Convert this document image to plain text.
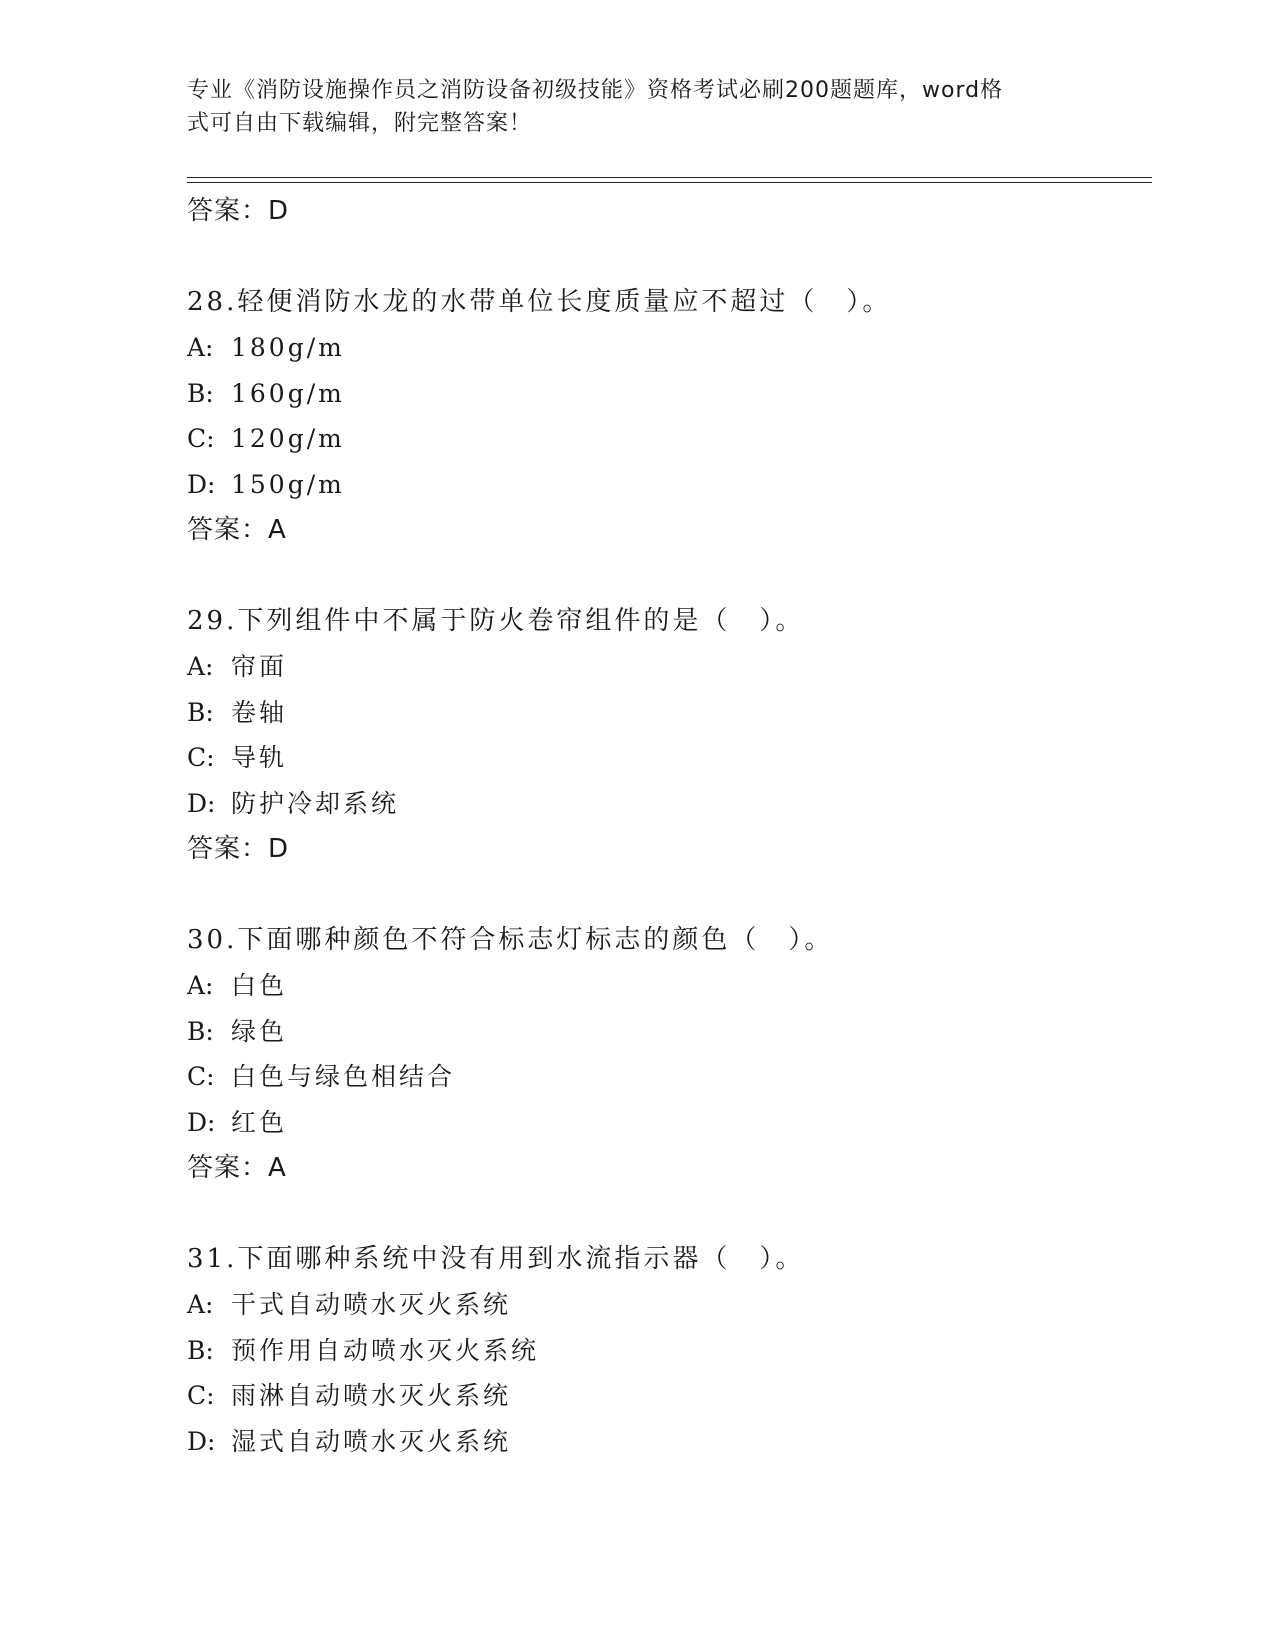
专业《消防设施操作员之消防设备初级技能》资格考试必刷200题题库，word格
式可自由下载编辑，附完整答案！
答案：D
28.轻便消防水龙的水带单位长度质量应不超过（　）。
A: 180g/m
B: 160g/m
C: 120g/m
D: 150g/m
答案：A
29.下列组件中不属于防火卷帘组件的是（　）。
A: 帘面
B: 卷轴
C: 导轨
D: 防护冷却系统
答案：D
30.下面哪种颜色不符合标志灯标志的颜色（　）。
A: 白色
B: 绿色
C: 白色与绿色相结合
D: 红色
答案：A
31.下面哪种系统中没有用到水流指示器（　）。
A: 干式自动喷水灭火系统
B: 预作用自动喷水灭火系统
C: 雨淋自动喷水灭火系统
D: 湿式自动喷水灭火系统
